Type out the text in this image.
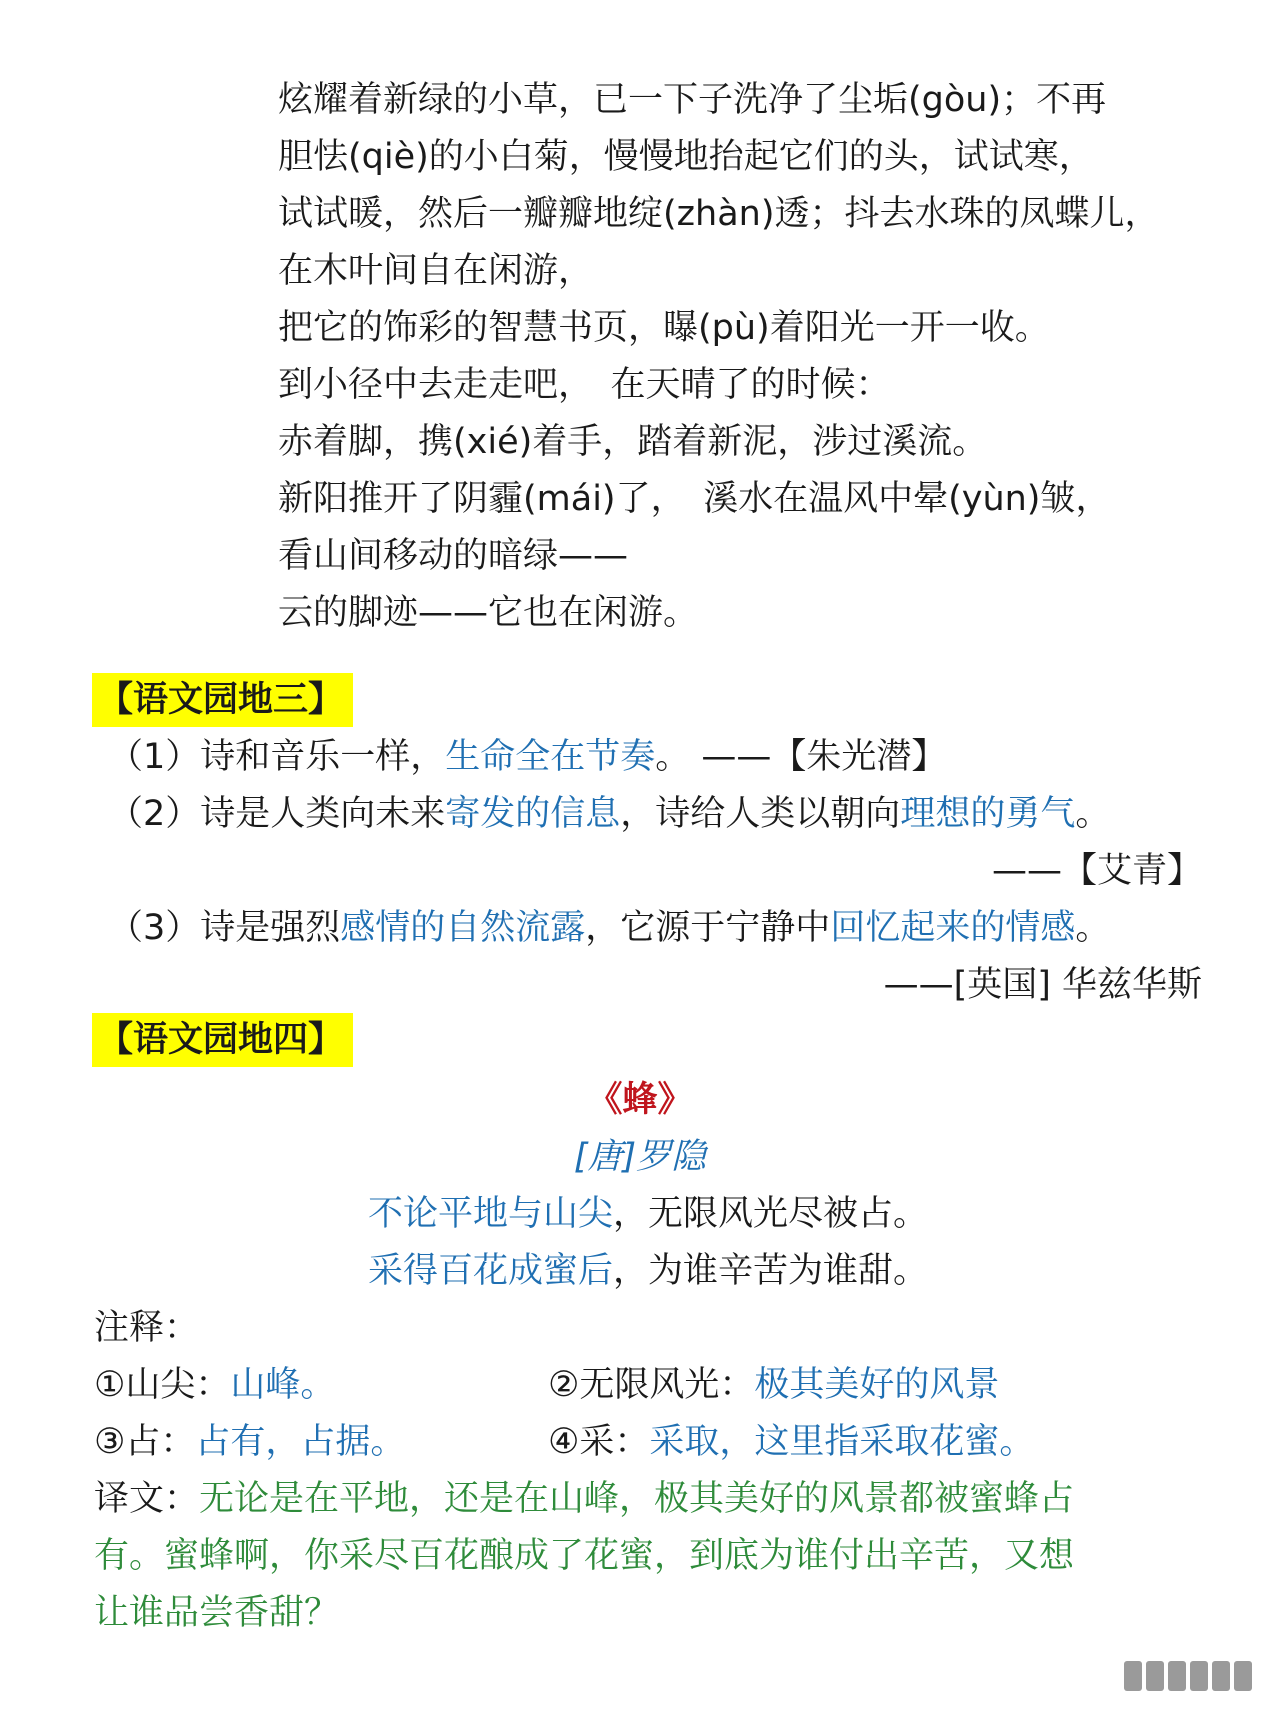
炫耀着新绿的小草，已一下子洗净了尘垢(gòu)；不再
胆怯(qiè)的小白菊，慢慢地抬起它们的头，试试寒，
试试暖，然后一瓣瓣地绽(zhàn)透；抖去水珠的凤蝶儿，
在木叶间自在闲游，
把它的饰彩的智慧书页，曝(pù)着阳光一开一收。
到小径中去走走吧，　在天晴了的时候：
赤着脚，携(xié)着手，踏着新泥，涉过溪流。
新阳推开了阴霾(mái)了，　溪水在温风中晕(yùn)皱，
看山间移动的暗绿——
云的脚迹——它也在闲游。
【语文园地三】
（1）诗和音乐一样，生命全在节奏。 ——【朱光潜】
（2）诗是人类向未来寄发的信息，诗给人类以朝向理想的勇气。
——【艾青】
（3）诗是强烈感情的自然流露，它源于宁静中回忆起来的情感。
——[英国] 华兹华斯
【语文园地四】
《蜂》
[唐]罗隐
不论平地与山尖，无限风光尽被占。
采得百花成蜜后，为谁辛苦为谁甜。
注释：
①山尖：山峰。	②无限风光：极其美好的风景
③占：占有，占据。	④采：采取，这里指采取花蜜。
译文：无论是在平地，还是在山峰，极其美好的风景都被蜜蜂占
有。蜜蜂啊，你采尽百花酿成了花蜜，到底为谁付出辛苦，又想
让谁品尝香甜？
